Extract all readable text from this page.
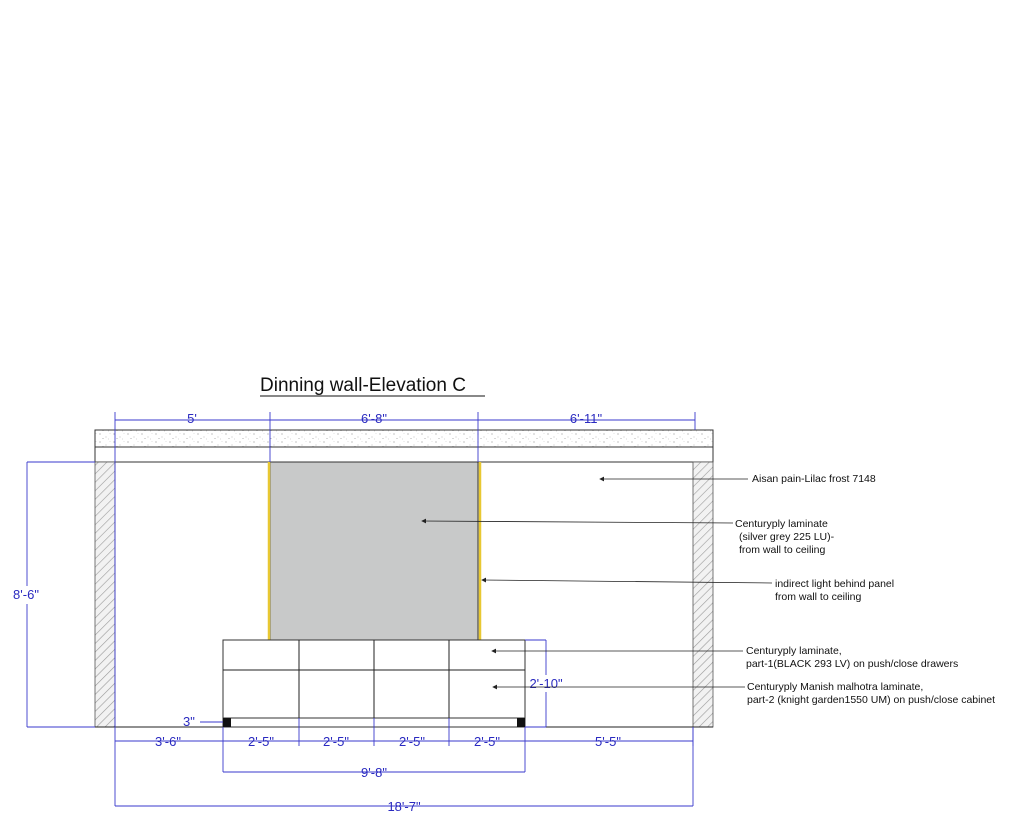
Dinning wall-Elevation C
5'	6'-8"	6'-11"
8'-6"
2'-10"
3"
3'-6"	2'-5"	2'-5"	2'-5"	2'-5"	5'-5"
9'-8"
18'-7"
Aisan pain-Lilac frost 7148
Centuryply laminate (silver grey 225 LU)- from wall to ceiling
indirect light behind panel from wall to ceiling
Centuryply laminate, part-1(BLACK 293 LV) on push/close drawers
Centuryply Manish malhotra laminate, part-2 (knight garden1550 UM) on push/close cabinet
